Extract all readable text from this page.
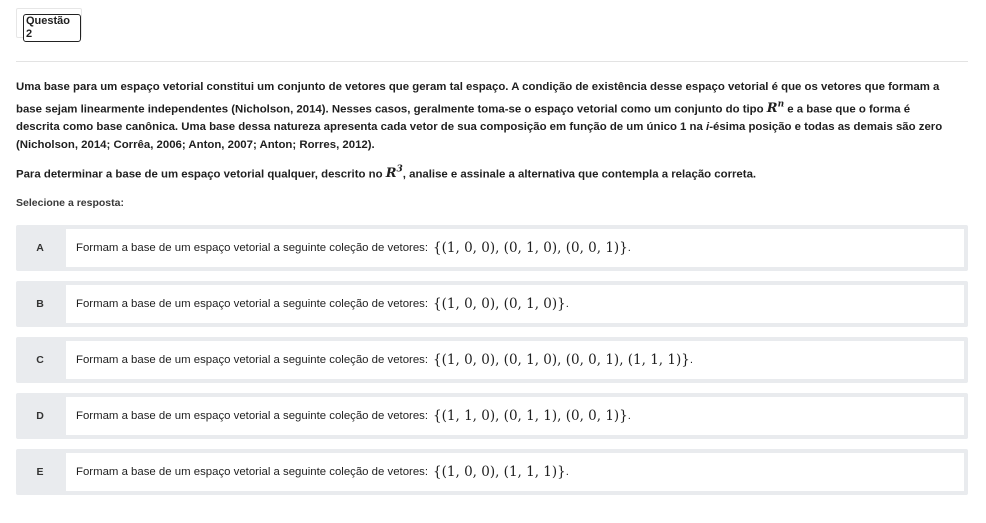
Questão 2

Uma base para um espaço vetorial constitui um conjunto de vetores que geram tal espaço. A condição de existência desse espaço vetorial é que os vetores que formam a base sejam linearmente independentes (Nicholson, 2014). Nesses casos, geralmente toma-se o espaço vetorial como um conjunto do tipo $R^n$ e a base que o forma é descrita como base canônica. Uma base dessa natureza apresenta cada vetor de sua composição em função de um único 1 na i-ésima posição e todas as demais são zero (Nicholson, 2014; Corrêa, 2006; Anton, 2007; Anton; Rorres, 2012).

Para determinar a base de um espaço vetorial qualquer, descrito no $R^3$, analise e assinale a alternativa que contempla a relação correta.

Selecione a resposta:
A	Formam a base de um espaço vetorial a seguinte coleção de vetores: {(1, 0, 0), (0, 1, 0), (0, 0, 1)} .
B	Formam a base de um espaço vetorial a seguinte coleção de vetores: {(1, 0, 0), (0, 1, 0)} .
C	Formam a base de um espaço vetorial a seguinte coleção de vetores: {(1, 0, 0), (0, 1, 0), (0, 0, 1), (1, 1, 1)} .
D	Formam a base de um espaço vetorial a seguinte coleção de vetores: {(1, 1, 0), (0, 1, 1), (0, 0, 1)} .
E	Formam a base de um espaço vetorial a seguinte coleção de vetores: {(1, 0, 0), (1, 1, 1)} .
